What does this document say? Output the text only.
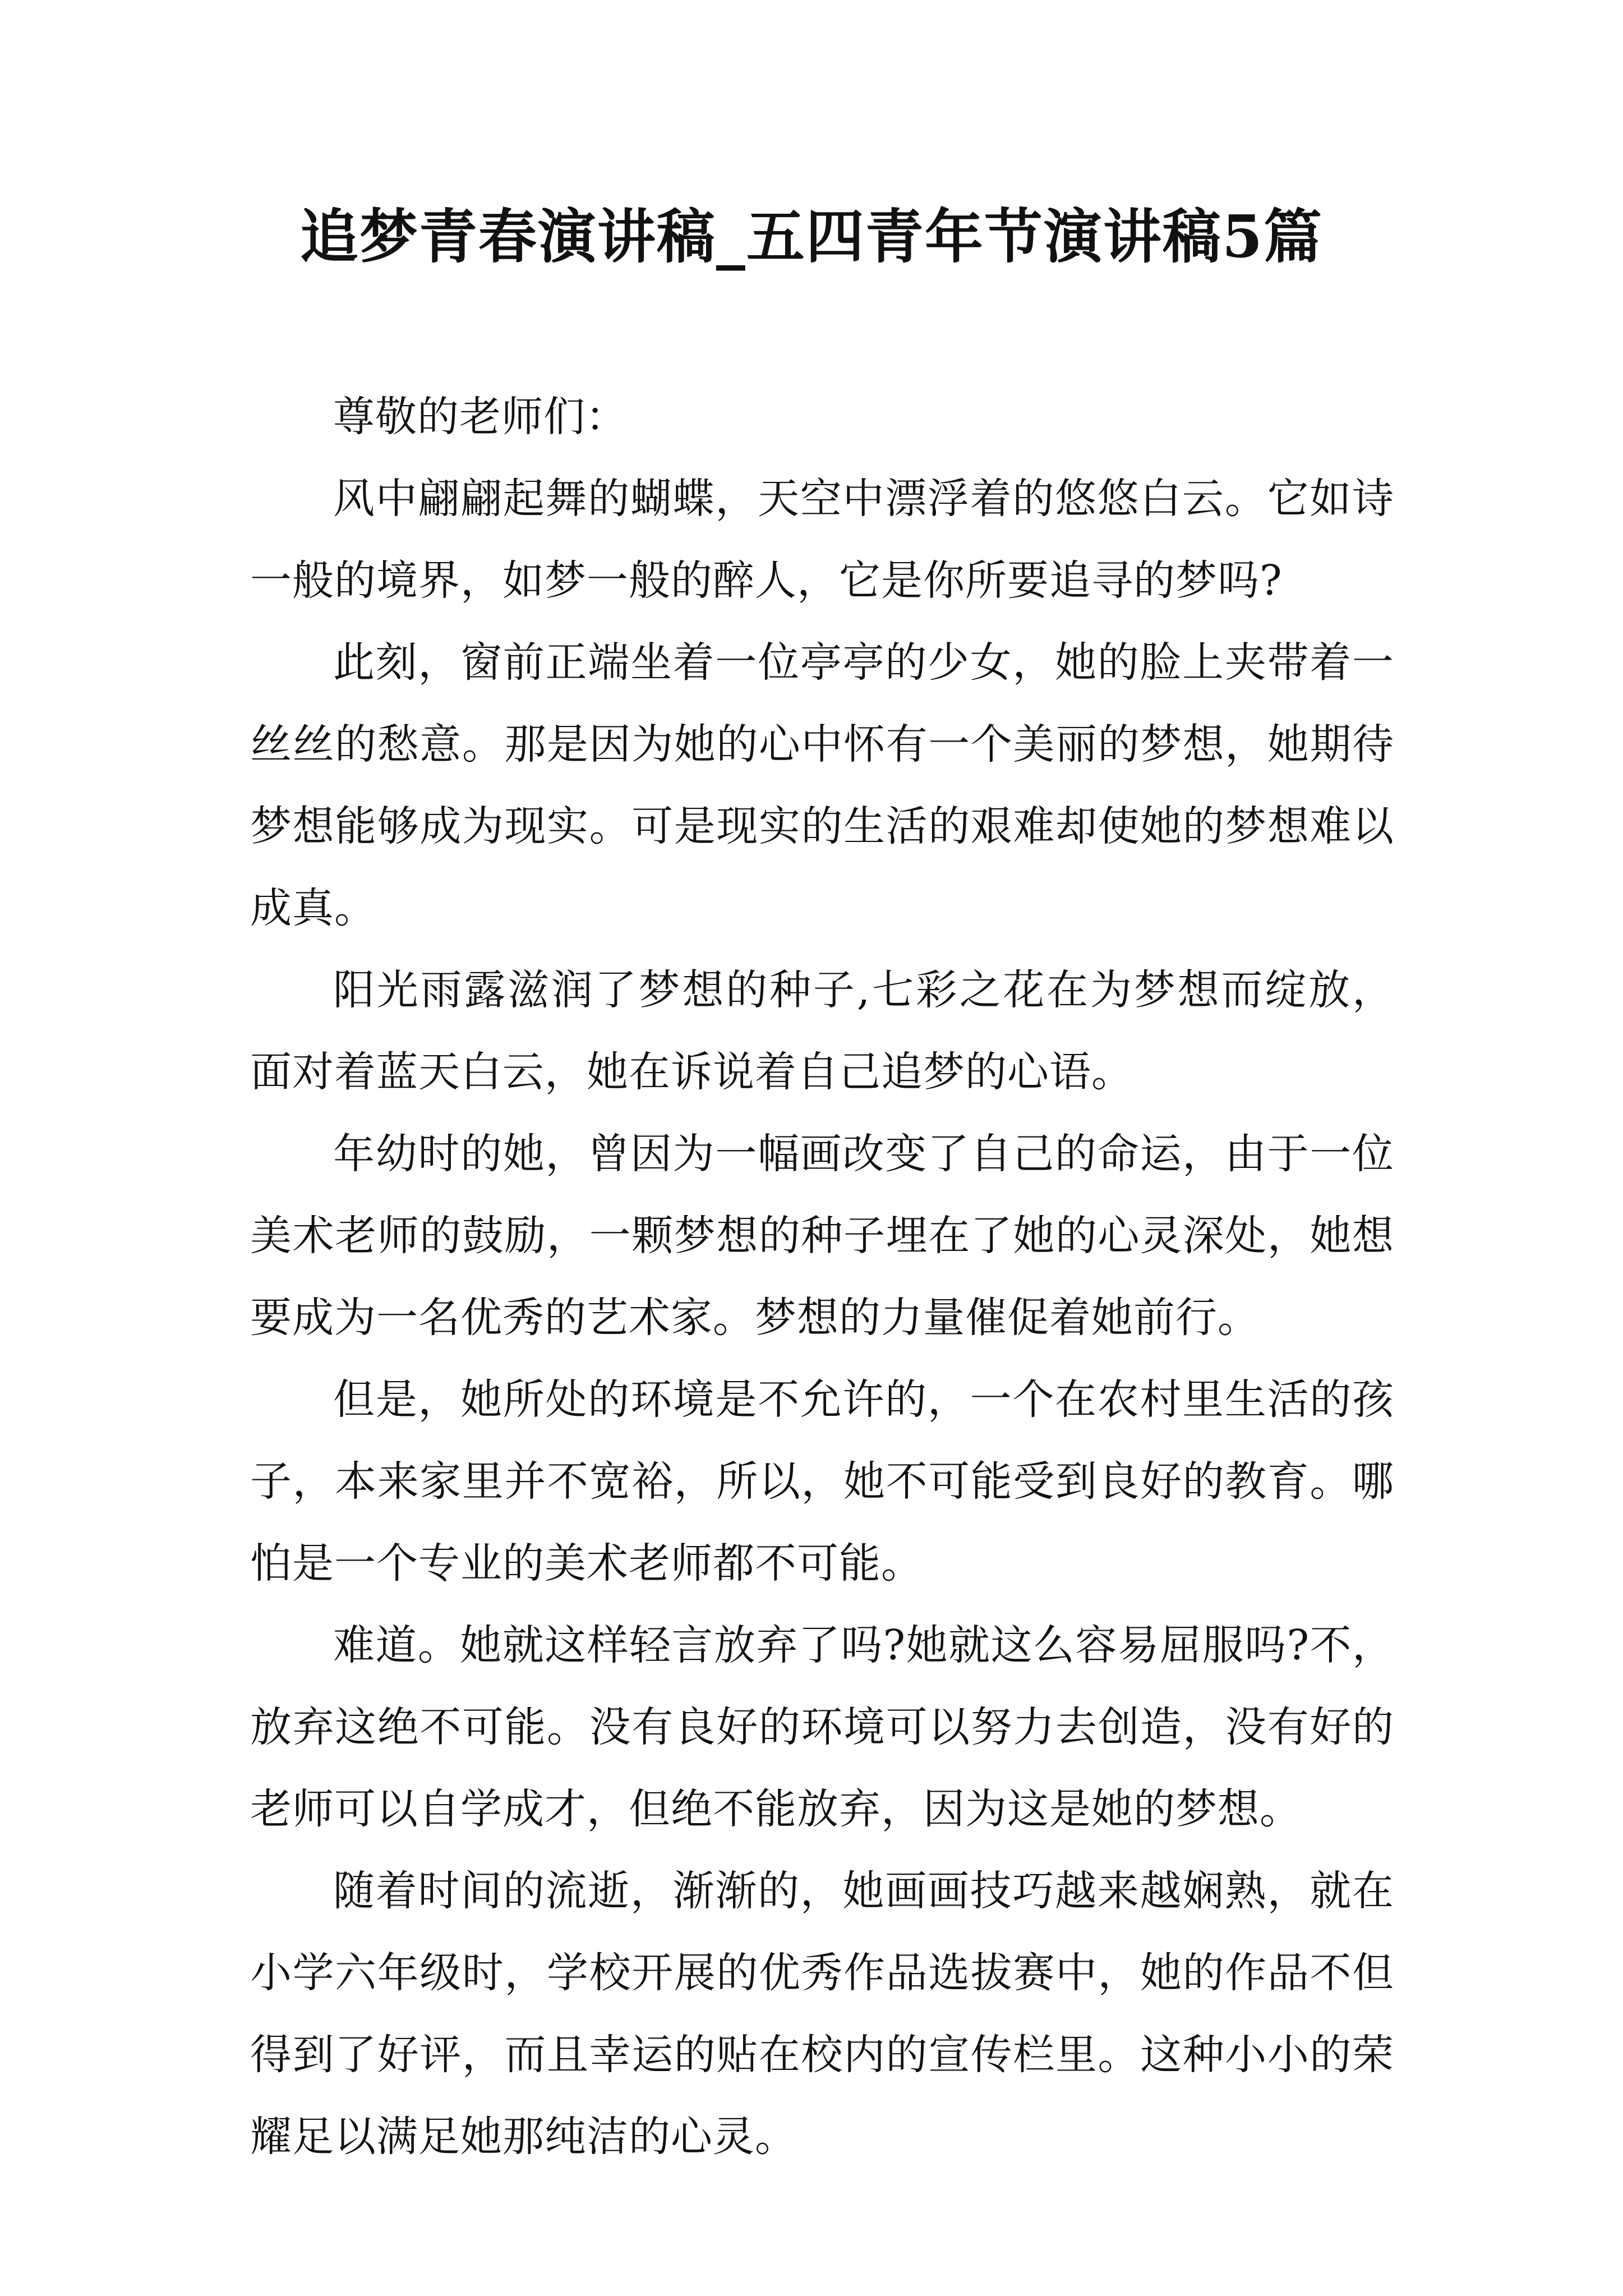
追梦青春演讲稿_五四青年节演讲稿5篇

尊敬的老师们：

风中翩翩起舞的蝴蝶，天空中漂浮着的悠悠白云。它如诗一般的境界，如梦一般的醉人，它是你所要追寻的梦吗?

此刻，窗前正端坐着一位亭亭的少女，她的脸上夹带着一丝丝的愁意。那是因为她的心中怀有一个美丽的梦想，她期待梦想能够成为现实。可是现实的生活的艰难却使她的梦想难以成真。

阳光雨露滋润了梦想的种子,七彩之花在为梦想而绽放，面对着蓝天白云，她在诉说着自己追梦的心语。

年幼时的她，曾因为一幅画改变了自己的命运，由于一位美术老师的鼓励，一颗梦想的种子埋在了她的心灵深处，她想要成为一名优秀的艺术家。梦想的力量催促着她前行。

但是，她所处的环境是不允许的，一个在农村里生活的孩子，本来家里并不宽裕，所以，她不可能受到良好的教育。哪怕是一个专业的美术老师都不可能。

难道。她就这样轻言放弃了吗?她就这么容易屈服吗?不，放弃这绝不可能。没有良好的环境可以努力去创造，没有好的老师可以自学成才，但绝不能放弃，因为这是她的梦想。

随着时间的流逝，渐渐的，她画画技巧越来越娴熟，就在小学六年级时，学校开展的优秀作品选拔赛中，她的作品不但得到了好评，而且幸运的贴在校内的宣传栏里。这种小小的荣耀足以满足她那纯洁的心灵。
